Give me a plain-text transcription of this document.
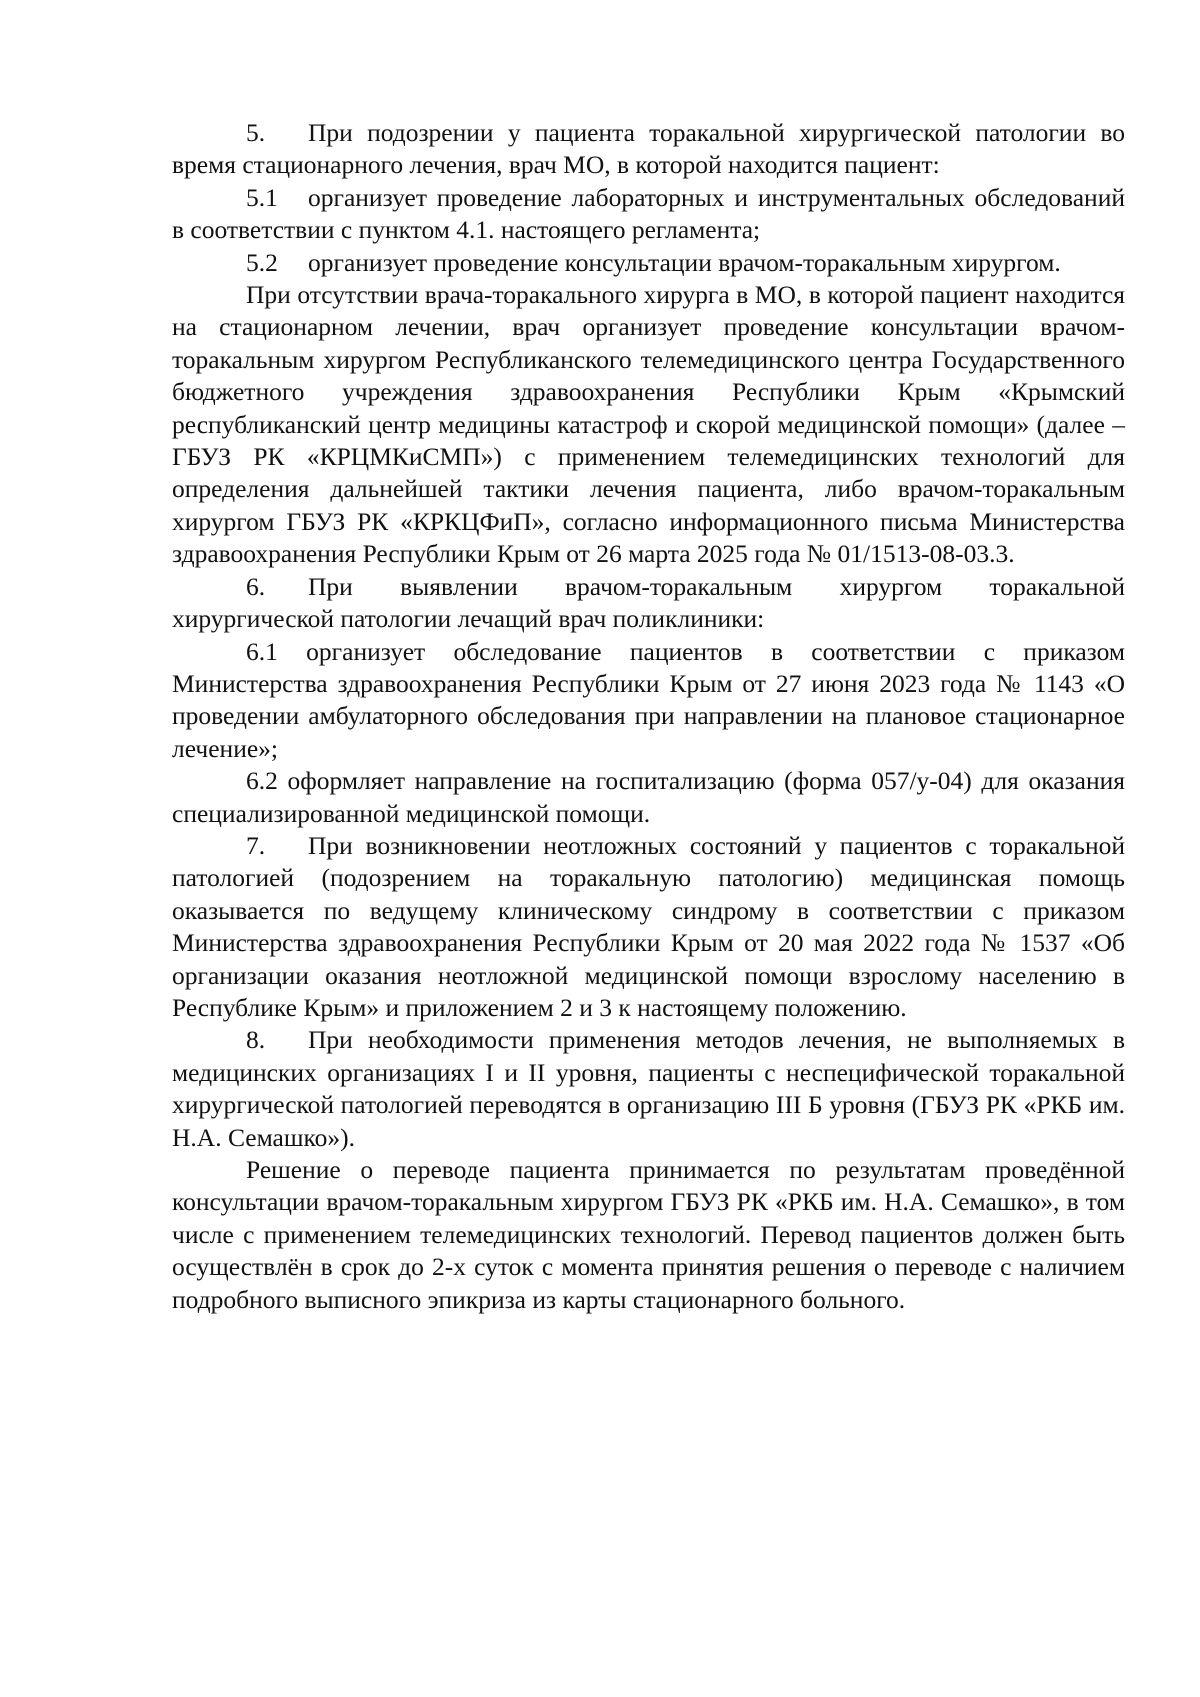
5. При подозрении у пациента торакальной хирургической патологии во время стационарного лечения, врач МО, в которой находится пациент:

5.1 организует проведение лабораторных и инструментальных обследований в соответствии с пунктом 4.1. настоящего регламента;

5.2 организует проведение консультации врачом-торакальным хирургом.

При отсутствии врача-торакального хирурга в МО, в которой пациент находится на стационарном лечении, врач организует проведение консультации врачом-торакальным хирургом Республиканского телемедицинского центра Государственного бюджетного учреждения здравоохранения Республики Крым «Крымский республиканский центр медицины катастроф и скорой медицинской помощи» (далее – ГБУЗ РК «КРЦМКиСМП») с применением телемедицинских технологий для определения дальнейшей тактики лечения пациента, либо врачом-торакальным хирургом ГБУЗ РК «КРКЦФиП», согласно информационного письма Министерства здравоохранения Республики Крым от 26 марта 2025 года № 01/1513-08-03.3.

6. При выявлении врачом-торакальным хирургом торакальной хирургической патологии лечащий врач поликлиники:

6.1 организует обследование пациентов в соответствии с приказом Министерства здравоохранения Республики Крым от 27 июня 2023 года № 1143 «О проведении амбулаторного обследования при направлении на плановое стационарное лечение»;

6.2 оформляет направление на госпитализацию (форма 057/у-04) для оказания специализированной медицинской помощи.

7. При возникновении неотложных состояний у пациентов с торакальной патологией (подозрением на торакальную патологию) медицинская помощь оказывается по ведущему клиническому синдрому в соответствии с приказом Министерства здравоохранения Республики Крым от 20 мая 2022 года № 1537 «Об организации оказания неотложной медицинской помощи взрослому населению в Республике Крым» и приложением 2 и 3 к настоящему положению.

8. При необходимости применения методов лечения, не выполняемых в медицинских организациях I и II уровня, пациенты с неспецифической торакальной хирургической патологией переводятся в организацию III Б уровня (ГБУЗ РК «РКБ им. Н.А. Семашко»).

Решение о переводе пациента принимается по результатам проведённой консультации врачом-торакальным хирургом ГБУЗ РК «РКБ им. Н.А. Семашко», в том числе с применением телемедицинских технологий. Перевод пациентов должен быть осуществлён в срок до 2-х суток с момента принятия решения о переводе с наличием подробного выписного эпикриза из карты стационарного больного.
